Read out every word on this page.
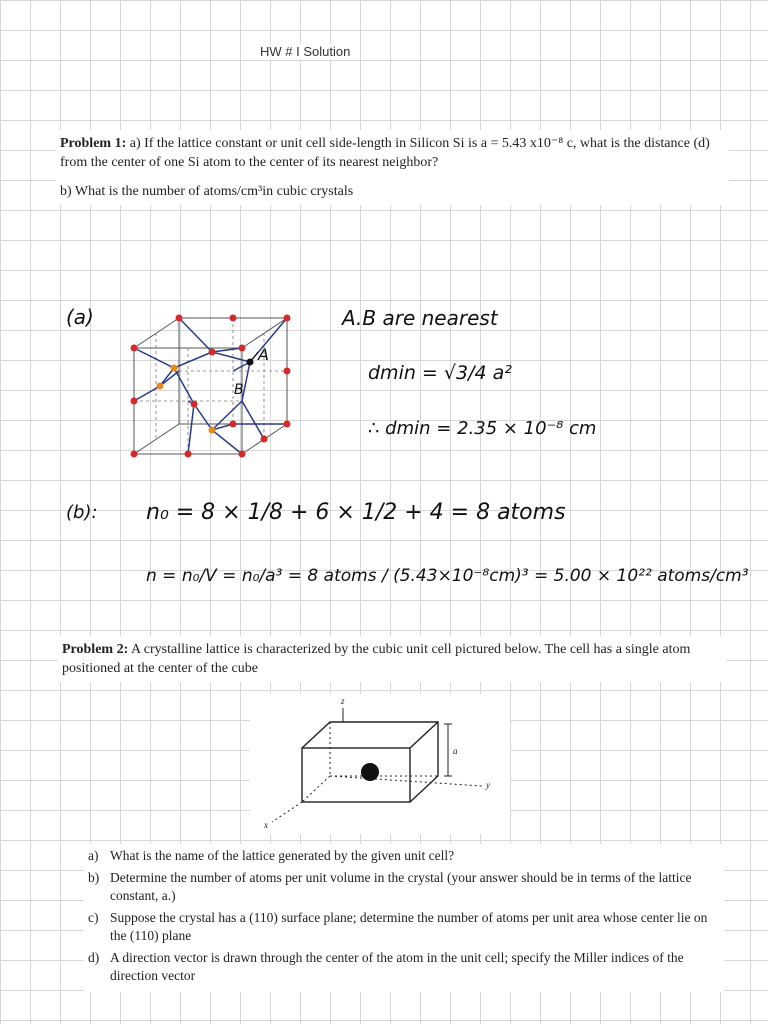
HW # I Solution

Problem 1: a) If the lattice constant or unit cell side-length in Silicon Si is a = 5.43 x10⁻⁸ c, what is the distance (d) from the center of one Si atom to the center of its nearest neighbor?

b) What is the number of atoms/cm³in cubic crystals

(a)
A
B
A.B are nearest
dmin = √3/4 a²
∴ dmin = 2.35 × 10⁻⁸ cm
(b): n₀ = 8 × 1/8 + 6 × 1/2 + 4 = 8 atoms
n = n₀/V = n₀/a³ = 8 atoms / (5.43×10⁻⁸cm)³ = 5.00 × 10²² atoms/cm³

Problem 2: A crystalline lattice is characterized by the cubic unit cell pictured below. The cell has a single atom positioned at the center of the cube

z
y
x
a
a) What is the name of the lattice generated by the given unit cell?
b) Determine the number of atoms per unit volume in the crystal (your answer should be in terms of the lattice constant, a.)
c) Suppose the crystal has a (110) surface plane; determine the number of atoms per unit area whose center lie on the (110) plane
d) A direction vector is drawn through the center of the atom in the unit cell; specify the Miller indices of the direction vector
